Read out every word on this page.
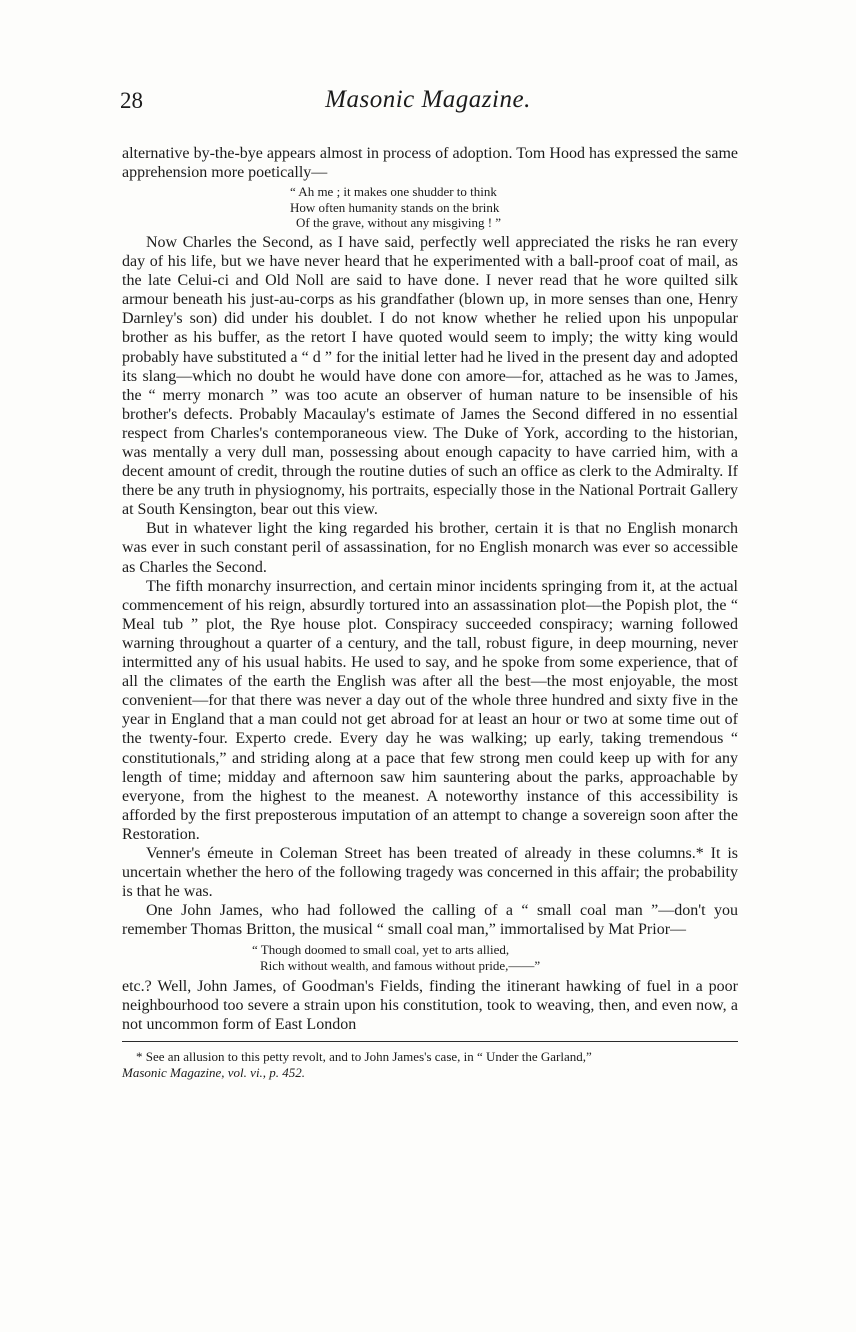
28	Masonic Magazine.

alternative by-the-bye appears almost in process of adoption. Tom Hood has expressed the same apprehension more poetically—

“ Ah me ; it makes one shudder to think
How often humanity stands on the brink
Of the grave, without any misgiving ! ”

Now Charles the Second, as I have said, perfectly well appreciated the risks he ran every day of his life, but we have never heard that he experimented with a ball-proof coat of mail, as the late Celui-ci and Old Noll are said to have done. I never read that he wore quilted silk armour beneath his just-au-corps as his grandfather (blown up, in more senses than one, Henry Darnley's son) did under his doublet. I do not know whether he relied upon his unpopular brother as his buffer, as the retort I have quoted would seem to imply; the witty king would probably have substituted a “ d ” for the initial letter had he lived in the present day and adopted its slang—which no doubt he would have done con amore—for, attached as he was to James, the “ merry monarch ” was too acute an observer of human nature to be insensible of his brother's defects. Probably Macaulay's estimate of James the Second differed in no essential respect from Charles's contemporaneous view. The Duke of York, according to the historian, was mentally a very dull man, possessing about enough capacity to have carried him, with a decent amount of credit, through the routine duties of such an office as clerk to the Admiralty. If there be any truth in physiognomy, his portraits, especially those in the National Portrait Gallery at South Kensington, bear out this view.

But in whatever light the king regarded his brother, certain it is that no English monarch was ever in such constant peril of assassination, for no English monarch was ever so accessible as Charles the Second.

The fifth monarchy insurrection, and certain minor incidents springing from it, at the actual commencement of his reign, absurdly tortured into an assassination plot—the Popish plot, the “ Meal tub ” plot, the Rye house plot. Conspiracy succeeded conspiracy; warning followed warning throughout a quarter of a century, and the tall, robust figure, in deep mourning, never intermitted any of his usual habits. He used to say, and he spoke from some experience, that of all the climates of the earth the English was after all the best—the most enjoyable, the most convenient—for that there was never a day out of the whole three hundred and sixty five in the year in England that a man could not get abroad for at least an hour or two at some time out of the twenty-four. Experto crede. Every day he was walking; up early, taking tremendous “ constitutionals,” and striding along at a pace that few strong men could keep up with for any length of time; midday and afternoon saw him sauntering about the parks, approachable by everyone, from the highest to the meanest. A noteworthy instance of this accessibility is afforded by the first preposterous imputation of an attempt to change a sovereign soon after the Restoration.

Venner's émeute in Coleman Street has been treated of already in these columns.* It is uncertain whether the hero of the following tragedy was concerned in this affair; the probability is that he was.

One John James, who had followed the calling of a “ small coal man ”—don't you remember Thomas Britton, the musical “ small coal man,” immortalised by Mat Prior—

“ Though doomed to small coal, yet to arts allied,
Rich without wealth, and famous without pride,——”

etc.? Well, John James, of Goodman's Fields, finding the itinerant hawking of fuel in a poor neighbourhood too severe a strain upon his constitution, took to weaving, then, and even now, a not uncommon form of East London

* See an allusion to this petty revolt, and to John James's case, in “ Under the Garland,”
Masonic Magazine, vol. vi., p. 452.
